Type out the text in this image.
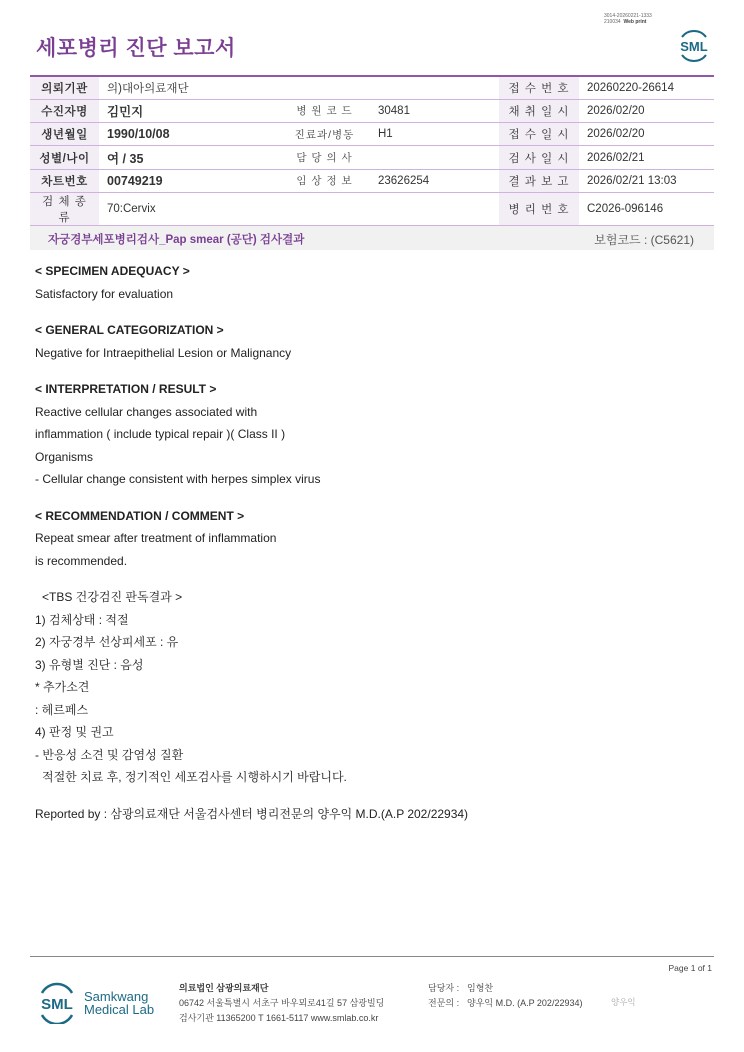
3014-20260221-1333
210034 Web print
세포병리 진단 보고서	SML
의뢰기관	의)대아의료재단			접 수 번 호	20260220-26614
수진자명	김민지	병 원 코 드	30481	채 취 일 시	2026/02/20
생년월일	1990/10/08	진료과/병동	H1	접 수 일 시	2026/02/20
성별/나이	여 / 35	담 당 의 사		검 사 일 시	2026/02/21
차트번호	00749219	임 상 정 보	23626254	결 과 보 고	2026/02/21 13:03
검 체 종 류	70:Cervix			병 리 번 호	C2026-096146
자궁경부세포병리검사_Pap smear (공단) 검사결과	보험코드 : (C5621)
< SPECIMEN ADEQUACY >
Satisfactory for evaluation
< GENERAL CATEGORIZATION >
Negative for Intraepithelial Lesion or Malignancy
< INTERPRETATION / RESULT >
Reactive cellular changes associated with
inflammation ( include typical repair )( Class II )
Organisms
- Cellular change consistent with herpes simplex virus
< RECOMMENDATION / COMMENT >
Repeat smear after treatment of inflammation
is recommended.
<TBS 건강검진 판독결과 >
1) 검체상태 : 적절
2) 자궁경부 선상피세포 : 유
3) 유형별 진단 : 음성
* 추가소견
: 헤르페스
4) 판정 및 권고
- 반응성 소견 및 감염성 질환
적절한 치료 후, 정기적인 세포검사를 시행하시기 바랍니다.
Reported by : 삼광의료재단 서울검사센터 병리전문의 양우익 M.D.(A.P 202/22934)
Page 1 of 1
SML Samkwang
Medical Lab
의료법인 삼광의료재단
06742 서울특별시 서초구 바우뫼로41길 57 삼광빌딩
검사기관 11365200 T 1661-5117 www.smlab.co.kr
담당자 : 임형찬
전문의 : 양우익 M.D. (A.P 202/22934)	양우익
